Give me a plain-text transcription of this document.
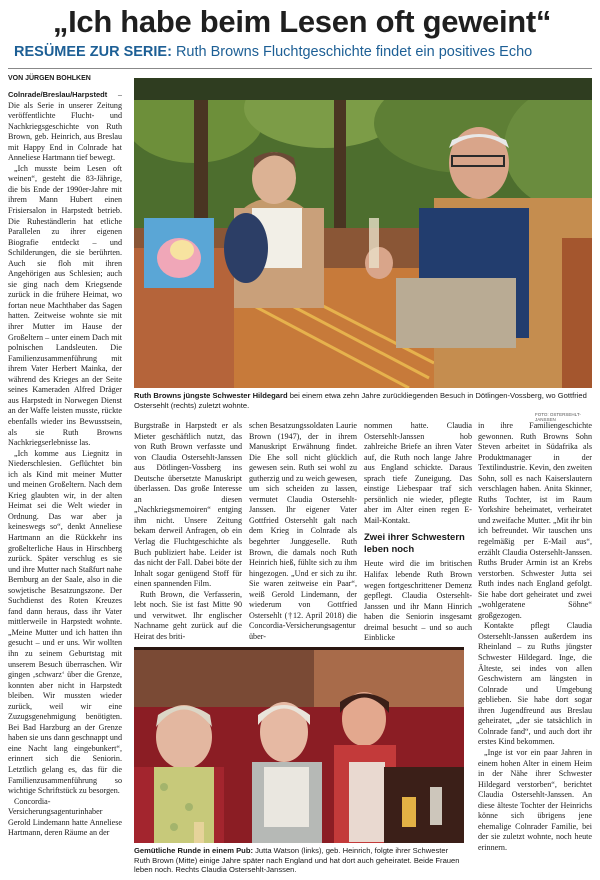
„Ich habe beim Lesen oft geweint“
RESÜMEE ZUR SERIE: Ruth Browns Fluchtgeschichte findet ein positives Echo
VON JÜRGEN BOHLKEN

Colnrade/Breslau/Harpstedt – Die als Serie in unserer Zeitung veröffentlichte Flucht- und Nachkriegsgeschichte von Ruth Brown, geb. Heinrich, aus Breslau mit Happy End in Colnrade hat Anneliese Hartmann tief bewegt.

„Ich musste beim Lesen oft weinen“, gesteht die 83-Jährige, die bis Ende der 1990er-Jahre mit ihrem Mann Hubert einen Frisiersalon in Harpstedt betrieb. Die Ruheständlerin hat etliche Parallelen zu ihrer eigenen Biografie entdeckt – und Schilderungen, die sie berührten. Auch sie floh mit ihren Angehörigen aus Schlesien; auch sie ging nach dem Kriegsende zurück in die frühere Heimat, wo fortan neue Machthaber das Sagen hatten. Zeitweise wohnte sie mit ihrer Mutter im Hause der Großeltern – unter einem Dach mit polnischen Landsleuten. Die Familienzusammenführung mit ihrem Vater Herbert Mainka, der während des Krieges an der Seite seines Kameraden Alfred Dräger aus Harpstedt in Norwegen Dienst an der Waffe leisten musste, rückte ebenfalls wieder ins Bewusstsein, als sie Ruth Browns Nachkriegserlebnisse las.

„Ich komme aus Liegnitz in Niederschlesien. Geflüchtet bin ich als Kind mit meiner Mutter und meinen Großeltern. Nach dem Krieg glaubten wir, in der alten Heimat sei die Welt wieder in Ordnung. Das war aber ja keineswegs so“, denkt Anneliese Hartmann an die Rückkehr ins großelterliche Haus in Hirschberg zurück. Später verschlug es sie und ihre Mutter nach Staßfurt nahe Bernburg an der Saale, also in die sowjetische Besatzungszone. Der Suchdienst des Roten Kreuzes fand dann heraus, dass ihr Vater mittlerweile in Harpstedt wohnte. „Meine Mutter und ich hatten ihn gesucht – und er uns. Wir wollten ihn zu seinem Geburtstag mit unserem Besuch überraschen. Wir gingen ‚schwarz‘ über die Grenze, konnten aber nicht in Harpstedt bleiben. Wir mussten wieder zurück, weil wir eine Zuzugsgenehmigung benötigten. Bei Bad Harzburg an der Grenze haben sie uns dann geschnappt und eine Nacht lang eingebunkert“, erinnert sich die Seniorin. Letztlich gelang es, das für die Familienzusammenführung so wichtige Schriftstück zu besorgen.

Concordia-Versicherungsagenturinhaber Gerold Lindemann hatte Anneliese Hartmann, deren Räume an der

Ruth Browns jüngste Schwester Hildegard bei einem etwa zehn Jahre zurückliegenden Besuch in Dötlingen-Vossberg, wo Gottfried Ostersehlt (rechts) zuletzt wohnte.
FOTO: OSTERSEHLT-JANSSEN

Burgstraße in Harpstedt er als Mieter geschäftlich nutzt, das von Ruth Brown verfasste und von Claudia Ostersehlt-Janssen aus Dötlingen-Vossberg ins Deutsche übersetzte Manuskript überlassen. Das große Interesse an diesen „Nachkriegsmemoiren“ entging ihm nicht. Unsere Zeitung bekam derweil Anfragen, ob ein Verlag die Fluchtgeschichte als Buch publiziert habe. Leider ist das nicht der Fall. Dabei böte der Inhalt sogar genügend Stoff für einen spannenden Film.

Ruth Brown, die Verfasserin, lebt noch. Sie ist fast Mitte 90 und verwitwet. Ihr englischer Nachname geht zurück auf die Heirat des briti-

schen Besatzungssoldaten Laurie Brown (1947), der in ihrem Manuskript Erwähnung findet. Die Ehe soll nicht glücklich gewesen sein. Ruth sei wohl zu gutherzig und zu weich gewesen, um sich scheiden zu lassen, vermutet Claudia Ostersehlt-Janssen. Ihr eigener Vater Gottfried Ostersehlt galt nach dem Krieg in Colnrade als begehrter Junggeselle. Ruth Brown, die damals noch Ruth Heinrich hieß, fühlte sich zu ihm hingezogen. „Und er sich zu ihr. Sie waren zeitweise ein Paar“, weiß Gerold Lindemann, der wiederum von Gottfried Ostersehlt (†12. April 2018) die Concordia-Versicherungsagentur über-

nommen hatte. Claudia Ostersehlt-Janssen hob zahlreiche Briefe an ihren Vater auf, die Ruth noch lange Jahre aus England schickte. Daraus sprach tiefe Zuneigung. Das einstige Liebespaar traf sich persönlich nie wieder, pflegte aber im Alter einen regen E-Mail-Kontakt.

Zwei ihrer Schwestern leben noch

Heute wird die im britischen Halifax lebende Ruth Brown wegen fortgeschrittener Demenz gepflegt. Claudia Ostersehlt-Janssen und ihr Mann Hinrich haben die Seniorin insgesamt dreimal besucht – und so auch Einblicke

Gemütliche Runde in einem Pub: Jutta Watson (links), geb. Heinrich, folgte ihrer Schwester Ruth Brown (Mitte) einige Jahre später nach England und hat dort auch geheiratet. Beide Frauen leben noch. Rechts Claudia Ostersehlt-Janssen.

in ihre Familiengeschichte gewonnen. Ruth Browns Sohn Steven arbeitet in Südafrika als Produktmanager in der Textilindustrie. Kevin, den zweiten Sohn, soll es nach Kaiserslautern verschlagen haben. Anita Skinner, Ruths Tochter, ist im Raum Yorkshire beheimatet, verheiratet und zweifache Mutter. „Mit ihr bin ich befreundet. Wir tauschen uns regelmäßig per E-Mail aus“, erzählt Claudia Ostersehlt-Janssen. Ruths Bruder Armin ist an Krebs verstorben. Schwester Jutta sei Ruth indes nach England gefolgt. Sie habe dort geheiratet und zwei „wohlgeratene Söhne“ großgezogen.

Kontakte pflegt Claudia Ostersehlt-Janssen außerdem ins Rheinland – zu Ruths jüngster Schwester Hildegard. Inge, die Älteste, sei indes von allen Geschwistern am längsten in Colnrade und Umgebung geblieben. Sie habe dort sogar ihren Jugendfreund aus Breslau geheiratet, „der sie tatsächlich in Colnrade fand“, und auch dort ihr erstes Kind bekommen.

„Inge ist vor ein paar Jahren in einem hohen Alter in einem Heim in der Nähe ihrer Schwester Hildegard verstorben“, berichtet Claudia Ostersehlt-Janssen. An diese älteste Tochter der Heinrichs könne sich übrigens jene ehemalige Colnrader Familie, bei der sie zuletzt wohnte, noch heute erinnern.
